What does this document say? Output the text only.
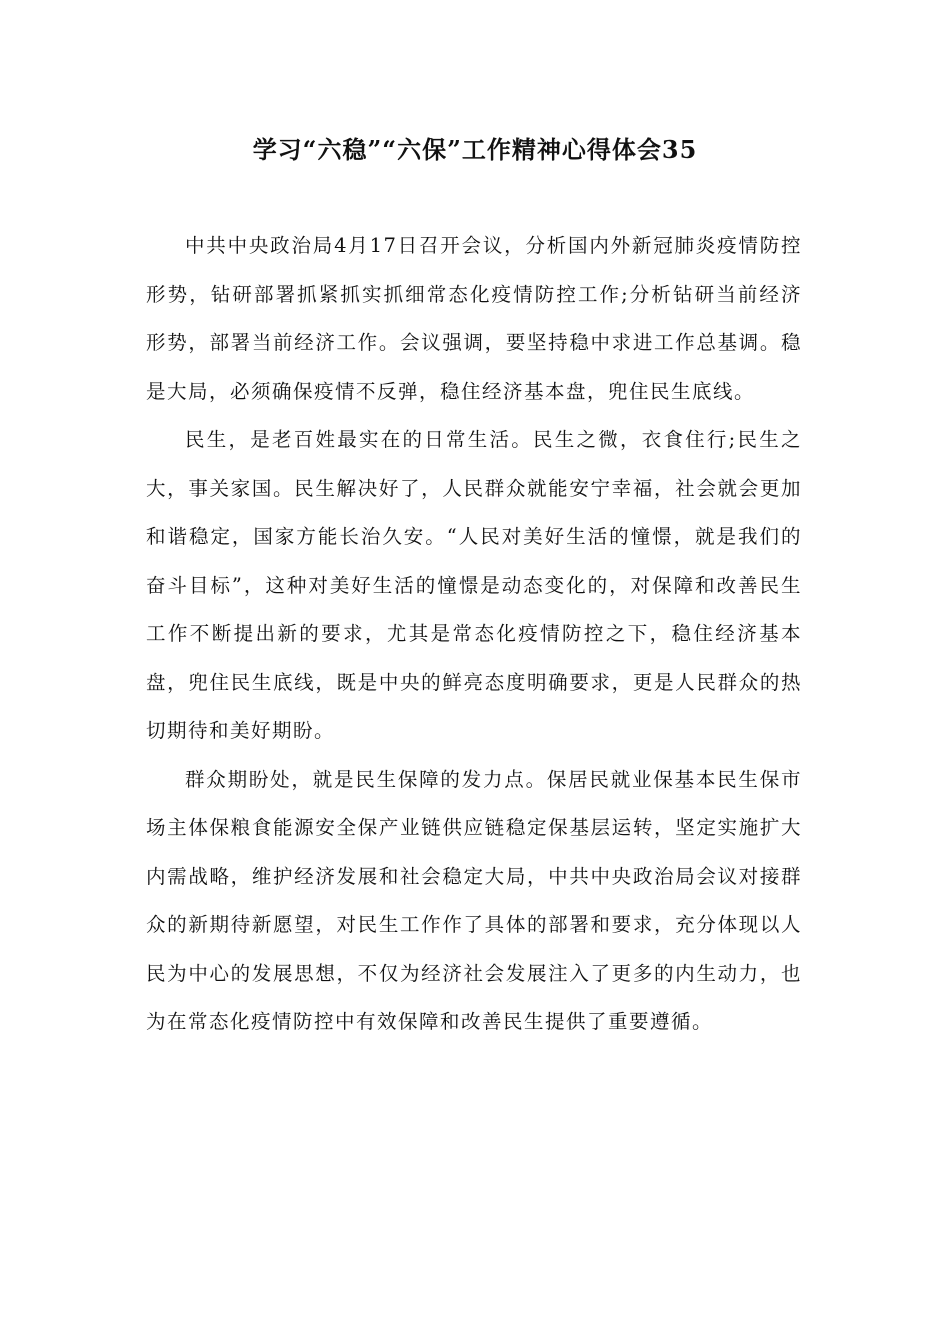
学习“六稳”“六保”工作精神心得体会35

中共中央政治局4月17日召开会议，分析国内外新冠肺炎疫情防控形势，钻研部署抓紧抓实抓细常态化疫情防控工作;分析钻研当前经济形势，部署当前经济工作。会议强调，要坚持稳中求进工作总基调。稳是大局，必须确保疫情不反弹，稳住经济基本盘，兜住民生底线。

民生，是老百姓最实在的日常生活。民生之微，衣食住行;民生之大，事关家国。民生解决好了，人民群众就能安宁幸福，社会就会更加和谐稳定，国家方能长治久安。“人民对美好生活的憧憬，就是我们的奋斗目标”，这种对美好生活的憧憬是动态变化的，对保障和改善民生工作不断提出新的要求，尤其是常态化疫情防控之下，稳住经济基本盘，兜住民生底线，既是中央的鲜亮态度明确要求，更是人民群众的热切期待和美好期盼。

群众期盼处，就是民生保障的发力点。保居民就业保基本民生保市场主体保粮食能源安全保产业链供应链稳定保基层运转，坚定实施扩大内需战略，维护经济发展和社会稳定大局，中共中央政治局会议对接群众的新期待新愿望，对民生工作作了具体的部署和要求，充分体现以人民为中心的发展思想，不仅为经济社会发展注入了更多的内生动力，也为在常态化疫情防控中有效保障和改善民生提供了重要遵循。
